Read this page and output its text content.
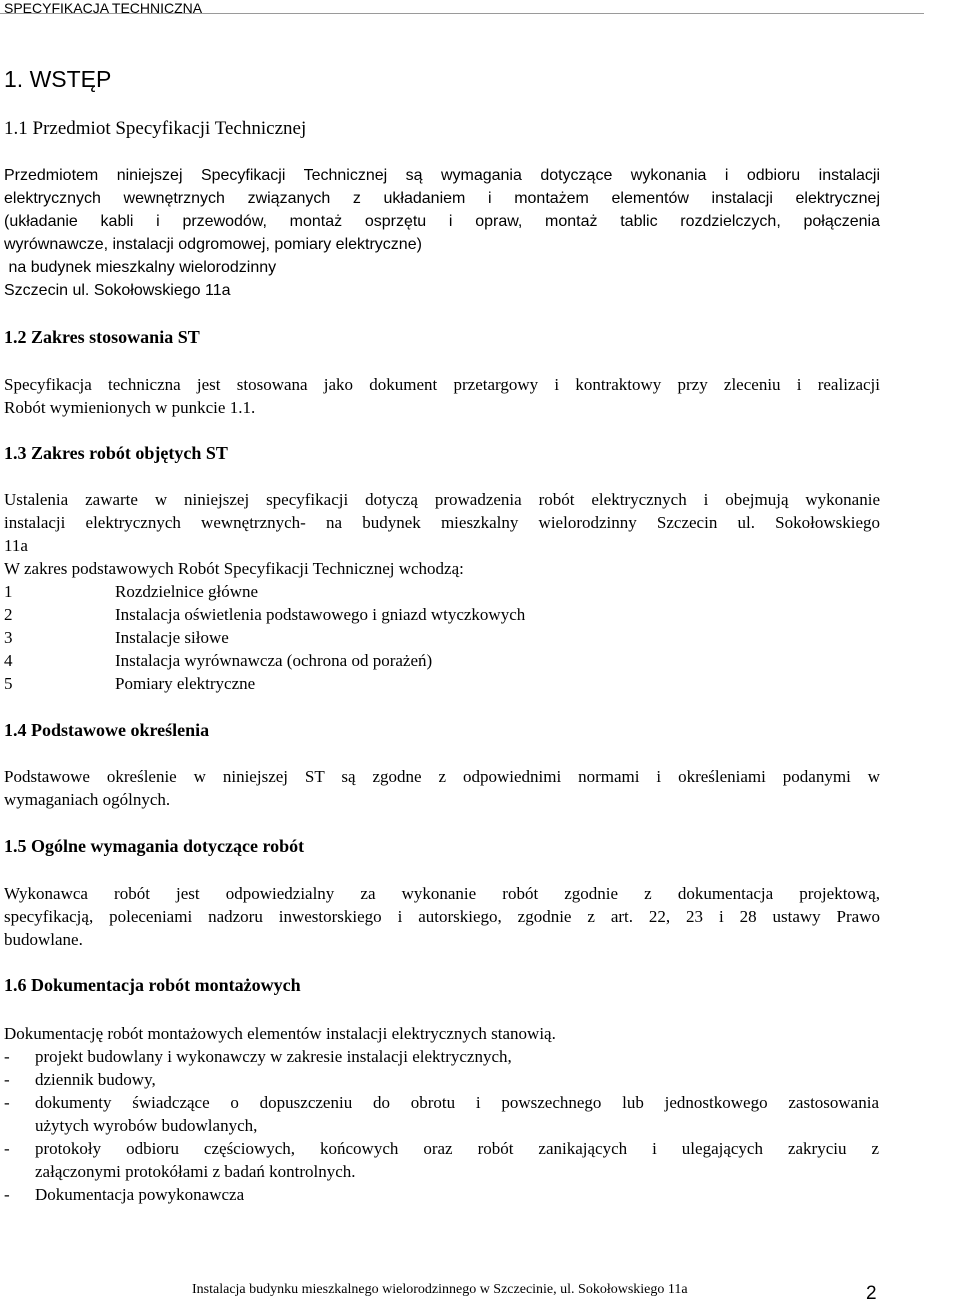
SPECYFIKACJA TECHNICZNA
1. WSTĘP
1.1 Przedmiot Specyfikacji Technicznej
Przedmiotem niniejszej Specyfikacji Technicznej są wymagania dotyczące wykonania i odbioru instalacji
elektrycznych wewnętrznych związanych z układaniem i montażem elementów instalacji elektrycznej
(układanie kabli i przewodów, montaż osprzętu i opraw, montaż tablic rozdzielczych, połączenia
wyrównawcze, instalacji odgromowej, pomiary elektryczne)
na budynek mieszkalny wielorodzinny
Szczecin ul. Sokołowskiego 11a
1.2 Zakres stosowania ST
Specyfikacja techniczna jest stosowana jako dokument przetargowy i kontraktowy przy zleceniu i realizacji
Robót wymienionych w punkcie 1.1.
1.3 Zakres robót objętych ST
Ustalenia zawarte w niniejszej specyfikacji dotyczą prowadzenia robót elektrycznych i obejmują wykonanie
instalacji elektrycznych wewnętrznych- na budynek mieszkalny wielorodzinny Szczecin ul. Sokołowskiego
11a
W zakres podstawowych Robót Specyfikacji Technicznej wchodzą:
1	Rozdzielnice główne
2	Instalacja oświetlenia podstawowego i gniazd wtyczkowych
3	Instalacje siłowe
4	Instalacja wyrównawcza (ochrona od porażeń)
5	Pomiary elektryczne
1.4 Podstawowe określenia
Podstawowe określenie w niniejszej ST są zgodne z odpowiednimi normami i określeniami podanymi w
wymaganiach ogólnych.
1.5 Ogólne wymagania dotyczące robót
Wykonawca robót jest odpowiedzialny za wykonanie robót zgodnie z dokumentacja projektową,
specyfikacją, poleceniami nadzoru inwestorskiego i autorskiego, zgodnie z art. 22, 23 i 28 ustawy Prawo
budowlane.
1.6 Dokumentacja robót montażowych
Dokumentację robót montażowych elementów instalacji elektrycznych stanowią.
- projekt budowlany i wykonawczy w zakresie instalacji elektrycznych,
- dziennik budowy,
- dokumenty świadczące o dopuszczeniu do obrotu i powszechnego lub jednostkowego zastosowania
użytych wyrobów budowlanych,
- protokoły odbioru częściowych, końcowych oraz robót zanikających i ulegających zakryciu z
załączonymi protokółami z badań kontrolnych.
- Dokumentacja powykonawcza
Instalacja budynku mieszkalnego wielorodzinnego w Szczecinie, ul. Sokołowskiego 11a	2
